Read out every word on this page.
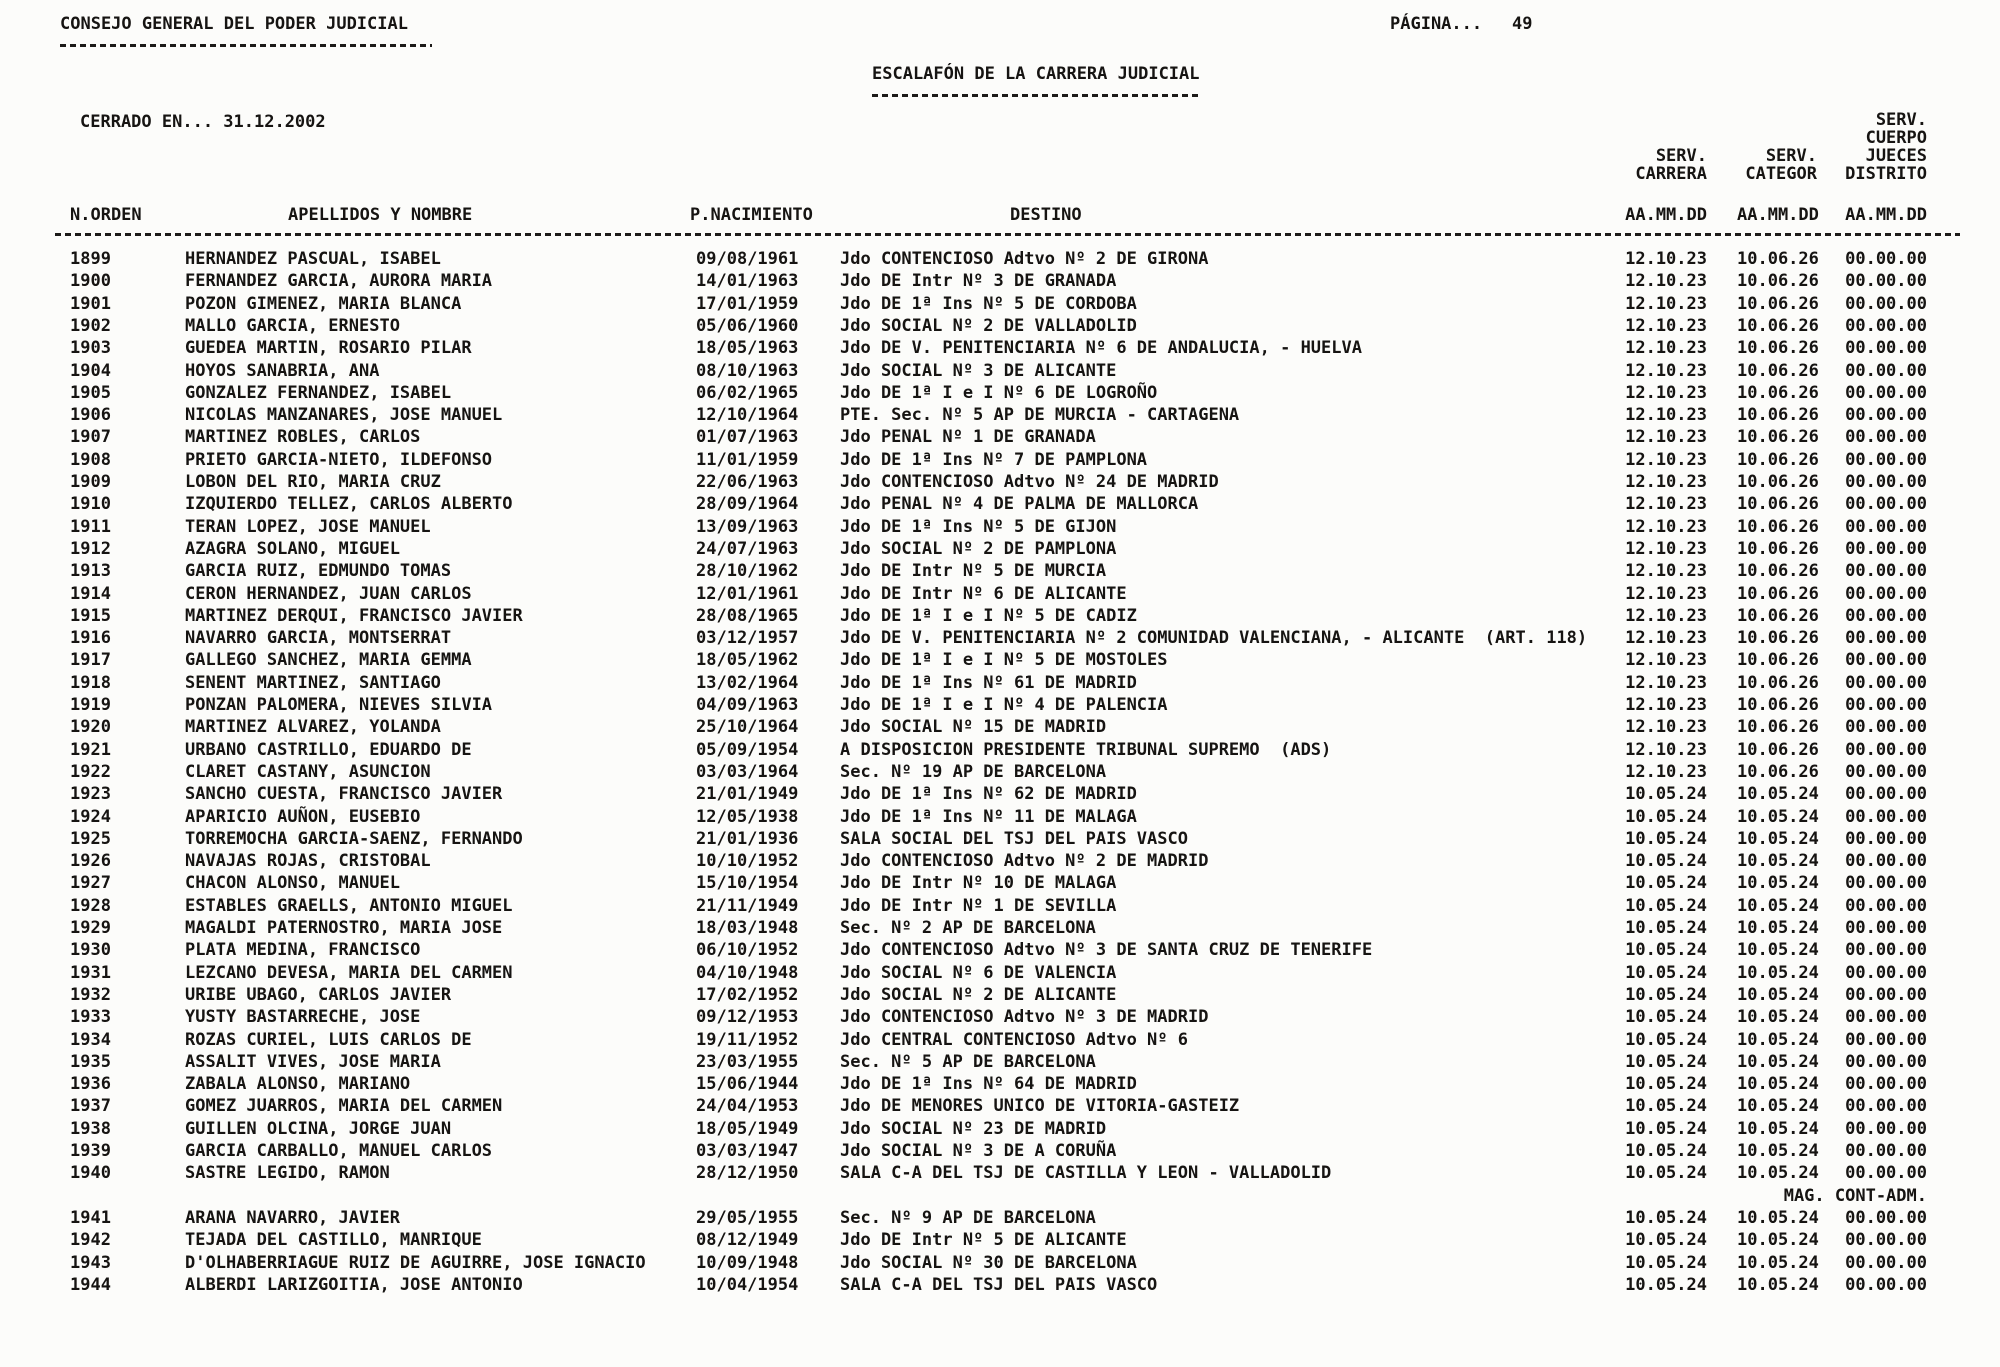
CONSEJO GENERAL DEL PODER JUDICIAL	PÁGINA... 49
ESCALAFÓN DE LA CARRERA JUDICIAL
CERRADO EN... 31.12.2002	SERV.
CUERPO
SERV.	SERV.	JUECES
CARRERA	CATEGOR DISTRITO
N.ORDEN	APELLIDOS Y NOMBRE	P.NACIMIENTO	DESTINO	AA.MM.DD AA.MM.DD AA.MM.DD
1899	HERNANDEZ PASCUAL, ISABEL	09/08/1961 Jdo CONTENCIOSO Adtvo Nº 2 DE GIRONA	12.10.23 10.06.26 00.00.00
1900	FERNANDEZ GARCIA, AURORA MARIA	14/01/1963 Jdo DE Intr Nº 3 DE GRANADA	12.10.23 10.06.26 00.00.00
1901	POZON GIMENEZ, MARIA BLANCA	17/01/1959 Jdo DE 1ª Ins Nº 5 DE CORDOBA	12.10.23 10.06.26 00.00.00
1902	MALLO GARCIA, ERNESTO	05/06/1960 Jdo SOCIAL Nº 2 DE VALLADOLID	12.10.23 10.06.26 00.00.00
1903	GUEDEA MARTIN, ROSARIO PILAR	18/05/1963 Jdo DE V. PENITENCIARIA Nº 6 DE ANDALUCIA, - HUELVA	12.10.23 10.06.26 00.00.00
1904	HOYOS SANABRIA, ANA	08/10/1963 Jdo SOCIAL Nº 3 DE ALICANTE	12.10.23 10.06.26 00.00.00
1905	GONZALEZ FERNANDEZ, ISABEL	06/02/1965 Jdo DE 1ª I e I Nº 6 DE LOGROÑO	12.10.23 10.06.26 00.00.00
1906	NICOLAS MANZANARES, JOSE MANUEL	12/10/1964 PTE. Sec. Nº 5 AP DE MURCIA - CARTAGENA	12.10.23 10.06.26 00.00.00
1907	MARTINEZ ROBLES, CARLOS	01/07/1963 Jdo PENAL Nº 1 DE GRANADA	12.10.23 10.06.26 00.00.00
1908	PRIETO GARCIA-NIETO, ILDEFONSO	11/01/1959 Jdo DE 1ª Ins Nº 7 DE PAMPLONA	12.10.23 10.06.26 00.00.00
1909	LOBON DEL RIO, MARIA CRUZ	22/06/1963 Jdo CONTENCIOSO Adtvo Nº 24 DE MADRID	12.10.23 10.06.26 00.00.00
1910	IZQUIERDO TELLEZ, CARLOS ALBERTO	28/09/1964 Jdo PENAL Nº 4 DE PALMA DE MALLORCA	12.10.23 10.06.26 00.00.00
1911	TERAN LOPEZ, JOSE MANUEL	13/09/1963 Jdo DE 1ª Ins Nº 5 DE GIJON	12.10.23 10.06.26 00.00.00
1912	AZAGRA SOLANO, MIGUEL	24/07/1963 Jdo SOCIAL Nº 2 DE PAMPLONA	12.10.23 10.06.26 00.00.00
1913	GARCIA RUIZ, EDMUNDO TOMAS	28/10/1962 Jdo DE Intr Nº 5 DE MURCIA	12.10.23 10.06.26 00.00.00
1914	CERON HERNANDEZ, JUAN CARLOS	12/01/1961 Jdo DE Intr Nº 6 DE ALICANTE	12.10.23 10.06.26 00.00.00
1915	MARTINEZ DERQUI, FRANCISCO JAVIER	28/08/1965 Jdo DE 1ª I e I Nº 5 DE CADIZ	12.10.23 10.06.26 00.00.00
1916	NAVARRO GARCIA, MONTSERRAT	03/12/1957 Jdo DE V. PENITENCIARIA Nº 2 COMUNIDAD VALENCIANA, - ALICANTE  (ART. 118) 12.10.23 10.06.26 00.00.00
1917	GALLEGO SANCHEZ, MARIA GEMMA	18/05/1962 Jdo DE 1ª I e I Nº 5 DE MOSTOLES	12.10.23 10.06.26 00.00.00
1918	SENENT MARTINEZ, SANTIAGO	13/02/1964 Jdo DE 1ª Ins Nº 61 DE MADRID	12.10.23 10.06.26 00.00.00
1919	PONZAN PALOMERA, NIEVES SILVIA	04/09/1963 Jdo DE 1ª I e I Nº 4 DE PALENCIA	12.10.23 10.06.26 00.00.00
1920	MARTINEZ ALVAREZ, YOLANDA	25/10/1964 Jdo SOCIAL Nº 15 DE MADRID	12.10.23 10.06.26 00.00.00
1921	URBANO CASTRILLO, EDUARDO DE	05/09/1954 A DISPOSICION PRESIDENTE TRIBUNAL SUPREMO  (ADS)	12.10.23 10.06.26 00.00.00
1922	CLARET CASTANY, ASUNCION	03/03/1964 Sec. Nº 19 AP DE BARCELONA	12.10.23 10.06.26 00.00.00
1923	SANCHO CUESTA, FRANCISCO JAVIER	21/01/1949 Jdo DE 1ª Ins Nº 62 DE MADRID	10.05.24 10.05.24 00.00.00
1924	APARICIO AUÑON, EUSEBIO	12/05/1938 Jdo DE 1ª Ins Nº 11 DE MALAGA	10.05.24 10.05.24 00.00.00
1925	TORREMOCHA GARCIA-SAENZ, FERNANDO	21/01/1936 SALA SOCIAL DEL TSJ DEL PAIS VASCO	10.05.24 10.05.24 00.00.00
1926	NAVAJAS ROJAS, CRISTOBAL	10/10/1952 Jdo CONTENCIOSO Adtvo Nº 2 DE MADRID	10.05.24 10.05.24 00.00.00
1927	CHACON ALONSO, MANUEL	15/10/1954 Jdo DE Intr Nº 10 DE MALAGA	10.05.24 10.05.24 00.00.00
1928	ESTABLES GRAELLS, ANTONIO MIGUEL	21/11/1949 Jdo DE Intr Nº 1 DE SEVILLA	10.05.24 10.05.24 00.00.00
1929	MAGALDI PATERNOSTRO, MARIA JOSE	18/03/1948 Sec. Nº 2 AP DE BARCELONA	10.05.24 10.05.24 00.00.00
1930	PLATA MEDINA, FRANCISCO	06/10/1952 Jdo CONTENCIOSO Adtvo Nº 3 DE SANTA CRUZ DE TENERIFE	10.05.24 10.05.24 00.00.00
1931	LEZCANO DEVESA, MARIA DEL CARMEN	04/10/1948 Jdo SOCIAL Nº 6 DE VALENCIA	10.05.24 10.05.24 00.00.00
1932	URIBE UBAGO, CARLOS JAVIER	17/02/1952 Jdo SOCIAL Nº 2 DE ALICANTE	10.05.24 10.05.24 00.00.00
1933	YUSTY BASTARRECHE, JOSE	09/12/1953 Jdo CONTENCIOSO Adtvo Nº 3 DE MADRID	10.05.24 10.05.24 00.00.00
1934	ROZAS CURIEL, LUIS CARLOS DE	19/11/1952 Jdo CENTRAL CONTENCIOSO Adtvo Nº 6	10.05.24 10.05.24 00.00.00
1935	ASSALIT VIVES, JOSE MARIA	23/03/1955 Sec. Nº 5 AP DE BARCELONA	10.05.24 10.05.24 00.00.00
1936	ZABALA ALONSO, MARIANO	15/06/1944 Jdo DE 1ª Ins Nº 64 DE MADRID	10.05.24 10.05.24 00.00.00
1937	GOMEZ JUARROS, MARIA DEL CARMEN	24/04/1953 Jdo DE MENORES UNICO DE VITORIA-GASTEIZ	10.05.24 10.05.24 00.00.00
1938	GUILLEN OLCINA, JORGE JUAN	18/05/1949 Jdo SOCIAL Nº 23 DE MADRID	10.05.24 10.05.24 00.00.00
1939	GARCIA CARBALLO, MANUEL CARLOS	03/03/1947 Jdo SOCIAL Nº 3 DE A CORUÑA	10.05.24 10.05.24 00.00.00
1940	SASTRE LEGIDO, RAMON	28/12/1950 SALA C-A DEL TSJ DE CASTILLA Y LEON - VALLADOLID	10.05.24 10.05.24 00.00.00
MAG. CONT-ADM.
1941	ARANA NAVARRO, JAVIER	29/05/1955 Sec. Nº 9 AP DE BARCELONA	10.05.24 10.05.24 00.00.00
1942	TEJADA DEL CASTILLO, MANRIQUE	08/12/1949 Jdo DE Intr Nº 5 DE ALICANTE	10.05.24 10.05.24 00.00.00
1943	D'OLHABERRIAGUE RUIZ DE AGUIRRE, JOSE IGNACIO	10/09/1948 Jdo SOCIAL Nº 30 DE BARCELONA	10.05.24 10.05.24 00.00.00
1944	ALBERDI LARIZGOITIA, JOSE ANTONIO	10/04/1954 SALA C-A DEL TSJ DEL PAIS VASCO	10.05.24 10.05.24 00.00.00
